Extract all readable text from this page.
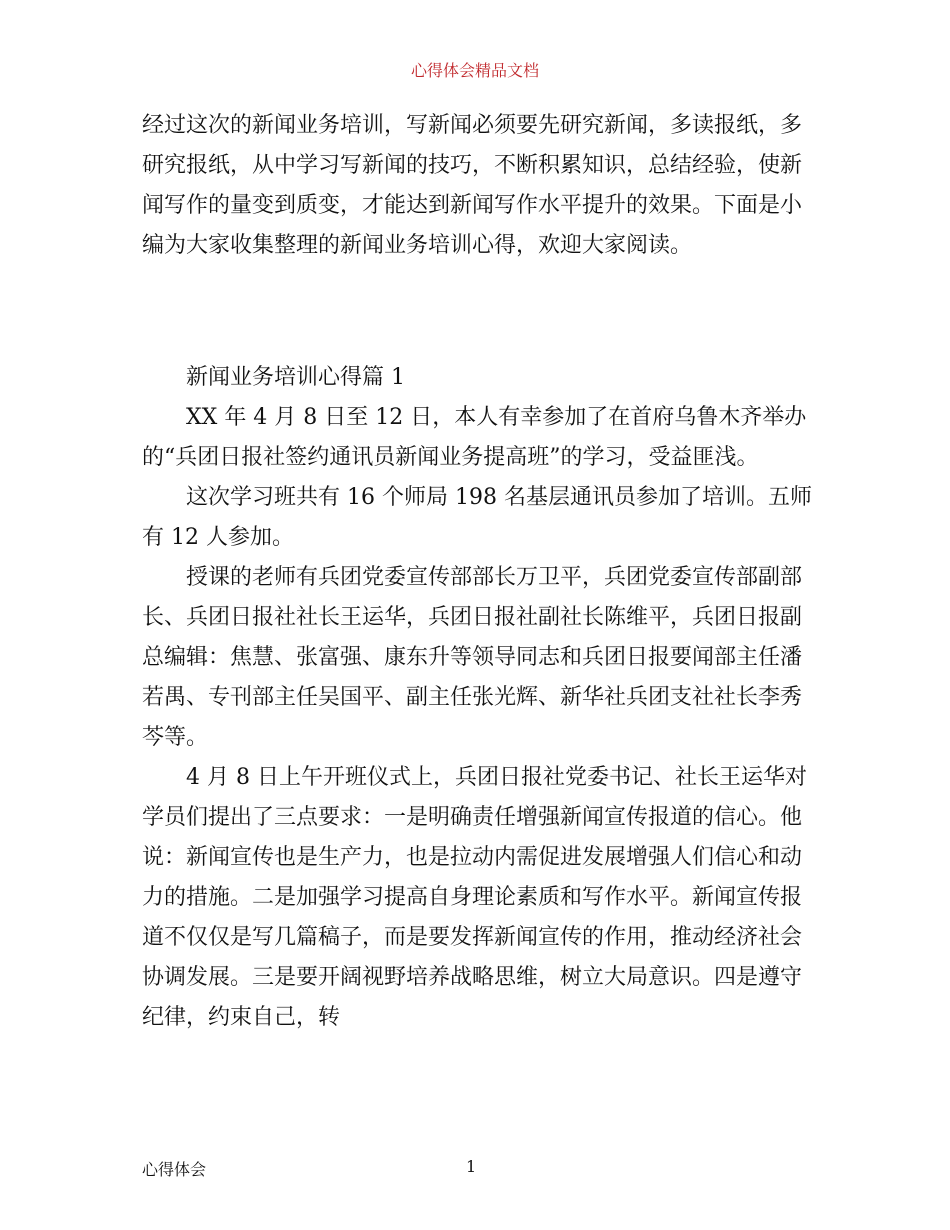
心得体会精品文档

经过这次的新闻业务培训，写新闻必须要先研究新闻，多读报纸，多研究报纸，从中学习写新闻的技巧，不断积累知识，总结经验，使新闻写作的量变到质变，才能达到新闻写作水平提升的效果。下面是小编为大家收集整理的新闻业务培训心得，欢迎大家阅读。

新闻业务培训心得篇 1

XX 年 4 月 8 日至 12 日，本人有幸参加了在首府乌鲁木齐举办的“兵团日报社签约通讯员新闻业务提高班”的学习，受益匪浅。

这次学习班共有 16 个师局 198 名基层通讯员参加了培训。五师有 12 人参加。

授课的老师有兵团党委宣传部部长万卫平，兵团党委宣传部副部长、兵团日报社社长王运华，兵团日报社副社长陈维平，兵团日报副总编辑：焦慧、张富强、康东升等领导同志和兵团日报要闻部主任潘若禺、专刊部主任吴国平、副主任张光辉、新华社兵团支社社长李秀芩等。

4 月 8 日上午开班仪式上，兵团日报社党委书记、社长王运华对学员们提出了三点要求：一是明确责任增强新闻宣传报道的信心。他说：新闻宣传也是生产力，也是拉动内需促进发展增强人们信心和动力的措施。二是加强学习提高自身理论素质和写作水平。新闻宣传报道不仅仅是写几篇稿子，而是要发挥新闻宣传的作用，推动经济社会协调发展。三是要开阔视野培养战略思维，树立大局意识。四是遵守纪律，约束自己，转

心得体会	1
